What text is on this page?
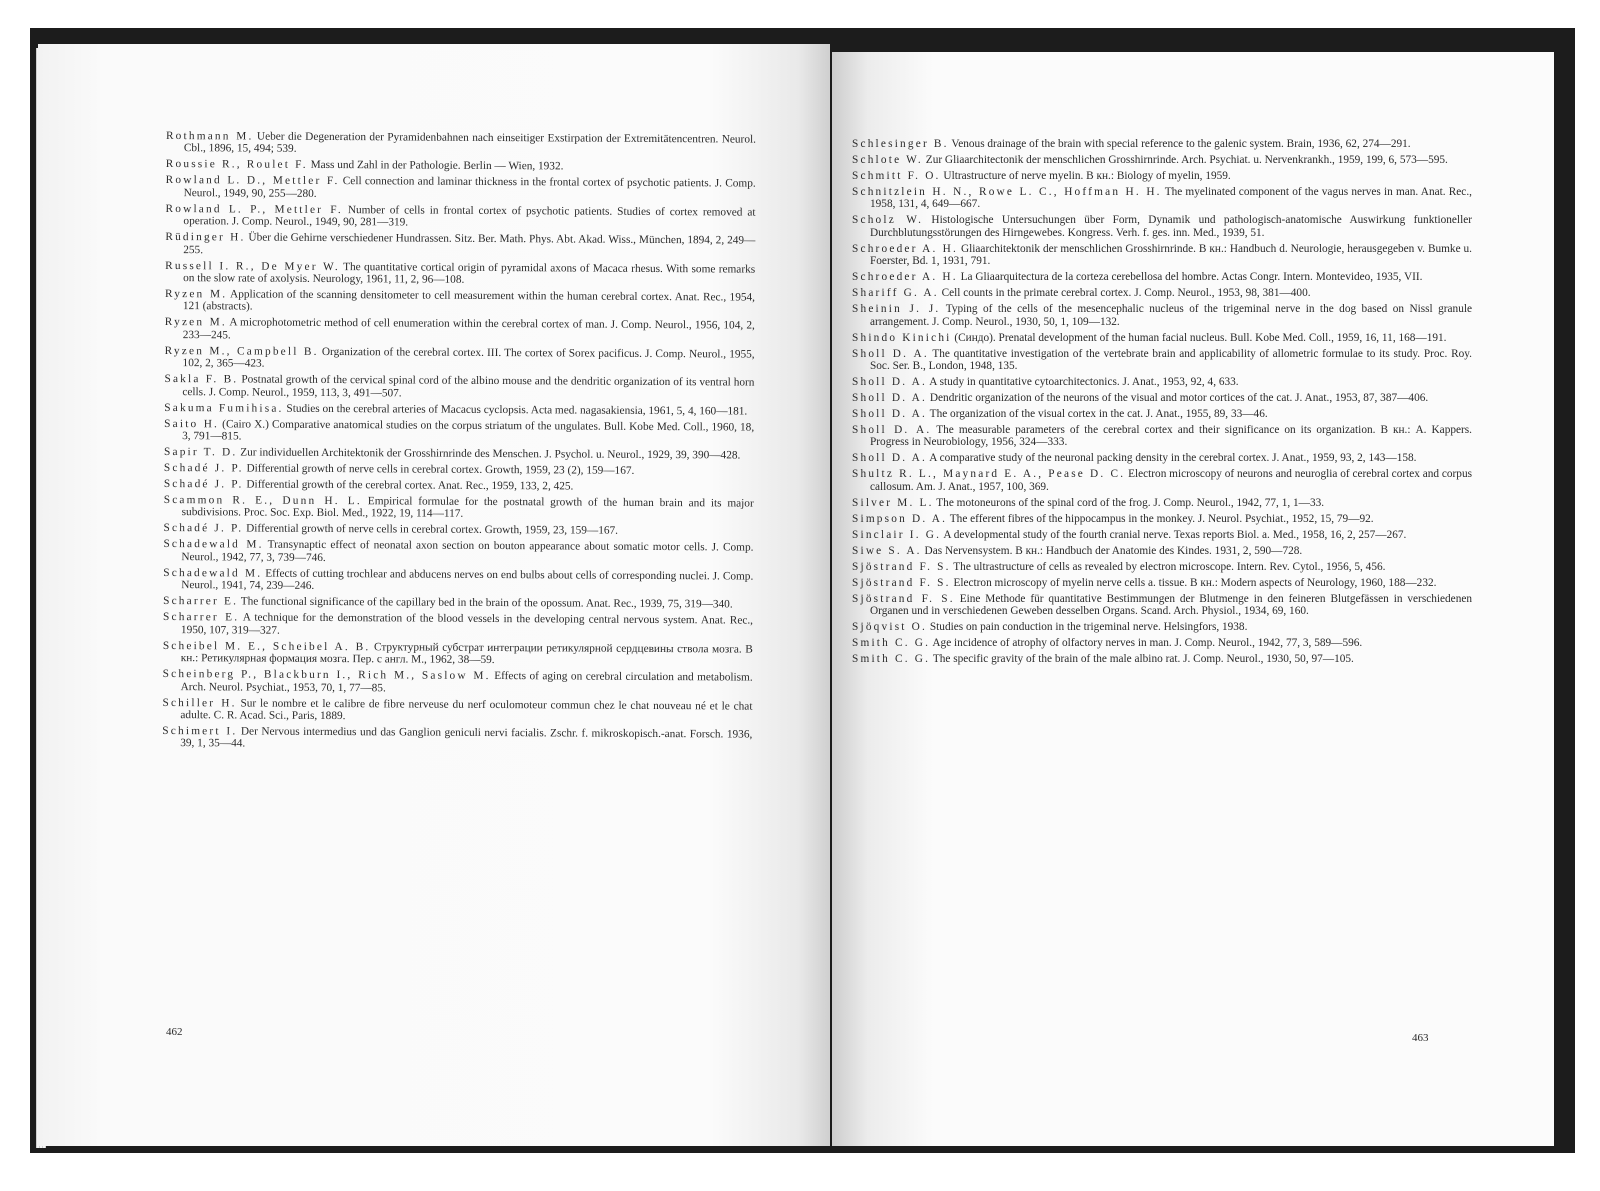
Rothmann M. Ueber die Degeneration der Pyramidenbahnen nach einseitiger Exstirpation der Extremitätencentren. Neurol. Cbl., 1896, 15, 494; 539.

Roussie R., Roulet F. Mass und Zahl in der Pathologie. Berlin — Wien, 1932.

Rowland L. D., Mettler F. Cell connection and laminar thickness in the frontal cortex of psychotic patients. J. Comp. Neurol., 1949, 90, 255—280.

Rowland L. P., Mettler F. Number of cells in frontal cortex of psychotic patients. Studies of cortex removed at operation. J. Comp. Neurol., 1949, 90, 281—319.

Rüdinger H. Über die Gehirne verschiedener Hundrassen. Sitz. Ber. Math. Phys. Abt. Akad. Wiss., München, 1894, 2, 249—255.

Russell I. R., De Myer W. The quantitative cortical origin of pyramidal axons of Macaca rhesus. With some remarks on the slow rate of axolysis. Neurology, 1961, 11, 2, 96—108.

Ryzen M. Application of the scanning densitometer to cell measurement within the human cerebral cortex. Anat. Rec., 1954, 121 (abstracts).

Ryzen M. A microphotometric method of cell enumeration within the cerebral cortex of man. J. Comp. Neurol., 1956, 104, 2, 233—245.

Ryzen M., Campbell B. Organization of the cerebral cortex. III. The cortex of Sorex pacificus. J. Comp. Neurol., 1955, 102, 2, 365—423.

Sakla F. B. Postnatal growth of the cervical spinal cord of the albino mouse and the dendritic organization of its ventral horn cells. J. Comp. Neurol., 1959, 113, 3, 491—507.

Sakuma Fumihisa. Studies on the cerebral arteries of Macacus cyclopsis. Acta med. nagasakiensia, 1961, 5, 4, 160—181.

Saito H. (Cairo X.) Comparative anatomical studies on the corpus striatum of the ungulates. Bull. Kobe Med. Coll., 1960, 18, 3, 791—815.

Sapir T. D. Zur individuellen Architektonik der Grosshirnrinde des Menschen. J. Psychol. u. Neurol., 1929, 39, 390—428.

Schadé J. P. Differential growth of nerve cells in cerebral cortex. Growth, 1959, 23 (2), 159—167.

Schadé J. P. Differential growth of the cerebral cortex. Anat. Rec., 1959, 133, 2, 425.

Scammon R. E., Dunn H. L. Empirical formulae for the postnatal growth of the human brain and its major subdivisions. Proc. Soc. Exp. Biol. Med., 1922, 19, 114—117.

Schadé J. P. Differential growth of nerve cells in cerebral cortex. Growth, 1959, 23, 159—167.

Schadewald M. Transynaptic effect of neonatal axon section on bouton appearance about somatic motor cells. J. Comp. Neurol., 1942, 77, 3, 739—746.

Schadewald M. Effects of cutting trochlear and abducens nerves on end bulbs about cells of corresponding nuclei. J. Comp. Neurol., 1941, 74, 239—246.

Scharrer E. The functional significance of the capillary bed in the brain of the opossum. Anat. Rec., 1939, 75, 319—340.

Scharrer E. A technique for the demonstration of the blood vessels in the developing central nervous system. Anat. Rec., 1950, 107, 319—327.

Scheibel M. E., Scheibel A. B. Структурный субстрат интеграции ретикулярной сердцевины ствола мозга. В кн.: Ретикулярная формация мозга. Пер. с англ. М., 1962, 38—59.

Scheinberg P., Blackburn I., Rich M., Saslow M. Effects of aging on cerebral circulation and metabolism. Arch. Neurol. Psychiat., 1953, 70, 1, 77—85.

Schiller H. Sur le nombre et le calibre de fibre nerveuse du nerf oculomoteur commun chez le chat nouveau né et le chat adulte. C. R. Acad. Sci., Paris, 1889.

Schimert I. Der Nervous intermedius und das Ganglion geniculi nervi facialis. Zschr. f. mikroskopisch.-anat. Forsch. 1936, 39, 1, 35—44.

462

Schlesinger B. Venous drainage of the brain with special reference to the galenic system. Brain, 1936, 62, 274—291.

Schlote W. Zur Gliaarchitectonik der menschlichen Grosshirnrinde. Arch. Psychiat. u. Nervenkrankh., 1959, 199, 6, 573—595.

Schmitt F. O. Ultrastructure of nerve myelin. B кн.: Biology of myelin, 1959.

Schnitzlein H. N., Rowe L. C., Hoffman H. H. The myelinated component of the vagus nerves in man. Anat. Rec., 1958, 131, 4, 649—667.

Scholz W. Histologische Untersuchungen über Form, Dynamik und pathologisch-anatomische Auswirkung funktioneller Durchblutungsstörungen des Hirngewebes. Kongress. Verh. f. ges. inn. Med., 1939, 51.

Schroeder A. H. Gliaarchitektonik der menschlichen Grosshirnrinde. B кн.: Handbuch d. Neurologie, herausgegeben v. Bumke u. Foerster, Bd. 1, 1931, 791.

Schroeder A. H. La Gliaarquitectura de la corteza cerebellosa del hombre. Actas Congr. Intern. Montevideo, 1935, VII.

Shariff G. A. Cell counts in the primate cerebral cortex. J. Comp. Neurol., 1953, 98, 381—400.

Sheinin J. J. Typing of the cells of the mesencephalic nucleus of the trigeminal nerve in the dog based on Nissl granule arrangement. J. Comp. Neurol., 1930, 50, 1, 109—132.

Shindo Kinichi (Синдо). Prenatal development of the human facial nucleus. Bull. Kobe Med. Coll., 1959, 16, 11, 168—191.

Sholl D. A. The quantitative investigation of the vertebrate brain and applicability of allometric formulae to its study. Proc. Roy. Soc. Ser. B., London, 1948, 135.

Sholl D. A. A study in quantitative cytoarchitectonics. J. Anat., 1953, 92, 4, 633.

Sholl D. A. Dendritic organization of the neurons of the visual and motor cortices of the cat. J. Anat., 1953, 87, 387—406.

Sholl D. A. The organization of the visual cortex in the cat. J. Anat., 1955, 89, 33—46.

Sholl D. A. The measurable parameters of the cerebral cortex and their significance on its organization. B кн.: A. Kappers. Progress in Neurobiology, 1956, 324—333.

Sholl D. A. A comparative study of the neuronal packing density in the cerebral cortex. J. Anat., 1959, 93, 2, 143—158.

Shultz R. L., Maynard E. A., Pease D. C. Electron microscopy of neurons and neuroglia of cerebral cortex and corpus callosum. Am. J. Anat., 1957, 100, 369.

Silver M. L. The motoneurons of the spinal cord of the frog. J. Comp. Neurol., 1942, 77, 1, 1—33.

Simpson D. A. The efferent fibres of the hippocampus in the monkey. J. Neurol. Psychiat., 1952, 15, 79—92.

Sinclair I. G. A developmental study of the fourth cranial nerve. Texas reports Biol. a. Med., 1958, 16, 2, 257—267.

Siwe S. A. Das Nervensystem. B кн.: Handbuch der Anatomie des Kindes. 1931, 2, 590—728.

Sjöstrand F. S. The ultrastructure of cells as revealed by electron microscope. Intern. Rev. Cytol., 1956, 5, 456.

Sjöstrand F. S. Electron microscopy of myelin nerve cells a. tissue. B кн.: Modern aspects of Neurology, 1960, 188—232.

Sjöstrand F. S. Eine Methode für quantitative Bestimmungen der Blutmenge in den feineren Blutgefässen in verschiedenen Organen und in verschiedenen Geweben desselben Organs. Scand. Arch. Physiol., 1934, 69, 160.

Sjöqvist O. Studies on pain conduction in the trigeminal nerve. Helsingfors, 1938.

Smith C. G. Age incidence of atrophy of olfactory nerves in man. J. Comp. Neurol., 1942, 77, 3, 589—596.

Smith C. G. The specific gravity of the brain of the male albino rat. J. Comp. Neurol., 1930, 50, 97—105.

463
